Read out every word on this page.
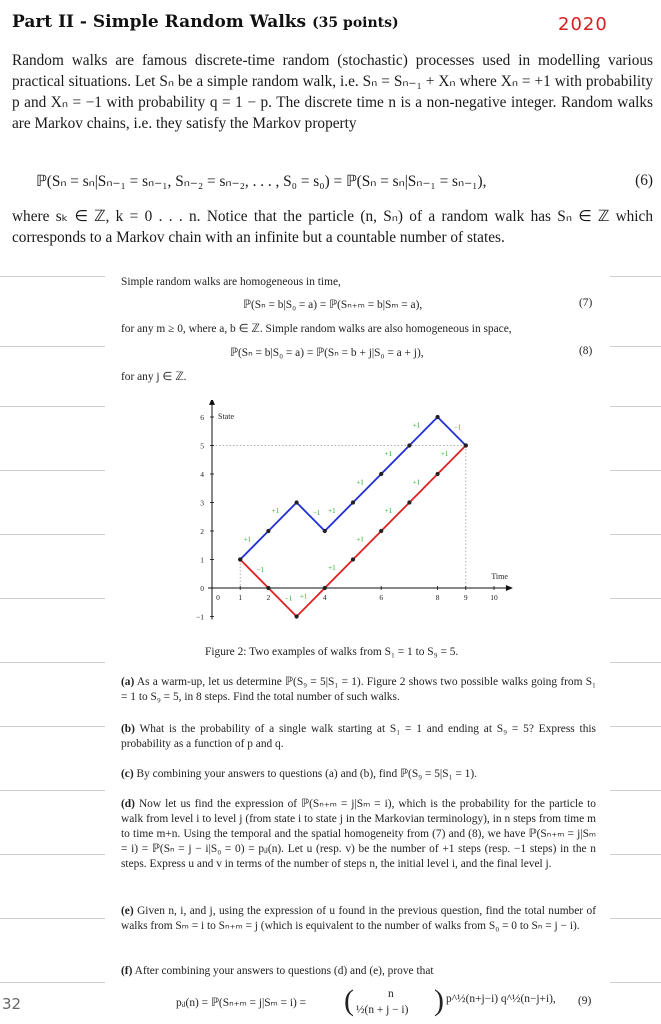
Part II - Simple Random Walks (35 points)	2020
Random walks are famous discrete-time random (stochastic) processes used in modelling various practical situations. Let Sₙ be a simple random walk, i.e. Sₙ = Sₙ₋₁ + Xₙ where Xₙ = +1 with probability p and Xₙ = −1 with probability q = 1 − p. The discrete time n is a non-negative integer. Random walks are Markov chains, i.e. they satisfy the Markov property
ℙ(Sₙ = sₙ|Sₙ₋₁ = sₙ₋₁, Sₙ₋₂ = sₙ₋₂, . . . , S₀ = s₀) = ℙ(Sₙ = sₙ|Sₙ₋₁ = sₙ₋₁),	(6)
where sₖ ∈ ℤ, k = 0 . . . n. Notice that the particle (n, Sₙ) of a random walk has Sₙ ∈ ℤ which corresponds to a Markov chain with an infinite but a countable number of states.
Simple random walks are homogeneous in time,
ℙ(Sₙ = b|S₀ = a) = ℙ(Sₙ₊ₘ = b|Sₘ = a),	(7)
for any m ≥ 0, where a, b ∈ ℤ. Simple random walks are also homogeneous in space,
ℙ(Sₙ = b|S₀ = a) = ℙ(Sₙ = b + j|S₀ = a + j),	(8)
for any j ∈ ℤ.
+1
+1	−1 +1
+1
+1
+1	−1
−1
−1 +1
+1
+1
+1
+1
+1
6
5
4
3
2
1
0
−1
0 1	2	4	6	8	9	10
State
Time
Figure 2: Two examples of walks from S₁ = 1 to S₉ = 5.
(a) As a warm-up, let us determine ℙ(S₉ = 5|S₁ = 1). Figure 2 shows two possible walks going from S₁ = 1 to S₉ = 5, in 8 steps. Find the total number of such walks.
(b) What is the probability of a single walk starting at S₁ = 1 and ending at S₉ = 5? Express this probability as a function of p and q.
(c) By combining your answers to questions (a) and (b), find ℙ(S₉ = 5|S₁ = 1).
(d) Now let us find the expression of ℙ(Sₙ₊ₘ = j|Sₘ = i), which is the probability for the particle to walk from level i to level j (from state i to state j in the Markovian terminology), in n steps from time m to time m+n. Using the temporal and the spatial homogeneity from (7) and (8), we have ℙ(Sₙ₊ₘ = j|Sₘ = i) = ℙ(Sₙ = j − i|S₀ = 0) = pᵢⱼ(n). Let u (resp. v) be the number of +1 steps (resp. −1 steps) in the n steps. Express u and v in terms of the number of steps n, the initial level i, and the final level j.
(e) Given n, i, and j, using the expression of u found in the previous question, find the total number of walks from Sₘ = i to Sₙ₊ₘ = j (which is equivalent to the number of walks from S₀ = 0 to Sₙ = j − i).
(f) After combining your answers to questions (d) and (e), prove that
pᵢⱼ(n) = ℙ(Sₙ₊ₘ = j|Sₘ = i) = (	n
½(n + j − i) ) p^½(n+j−i) q^½(n−j+i), (9)
32
